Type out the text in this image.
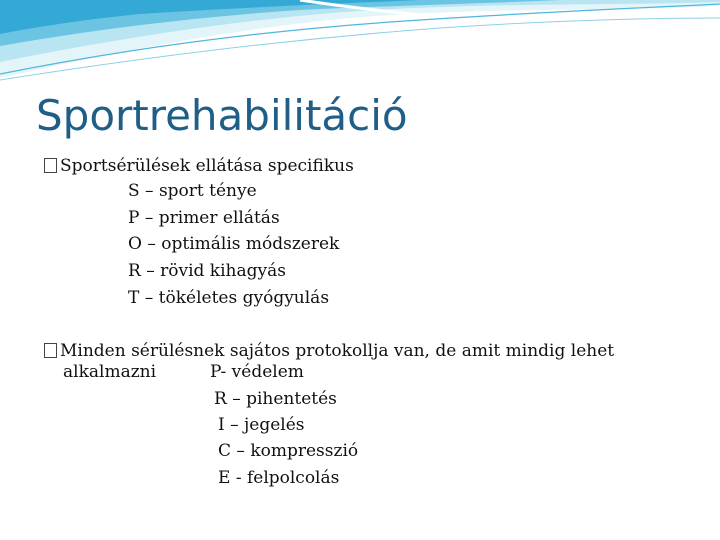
Sportrehabilitáció
Sportsérülések ellátása specifikus
S – sport ténye
P – primer ellátás
O – optimális módszerek
R – rövid kihagyás
T – tökéletes gyógyulás
Minden sérülésnek sajátos protokollja van, de amit mindig lehet
alkalmazni	P- védelem
R – pihentetés
I – jegelés
C – kompresszió
E - felpolcolás
